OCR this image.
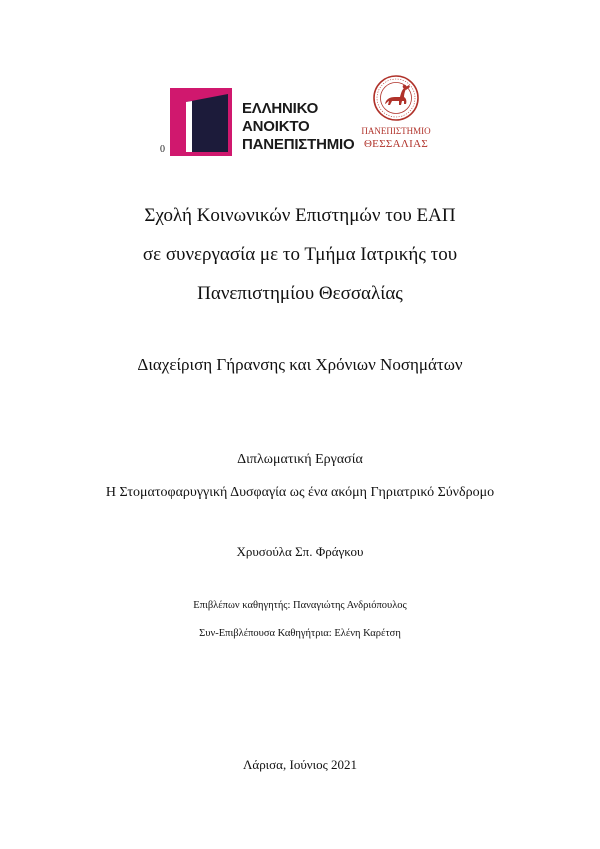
ΕΛΛΗΝΙΚΟ
ΑΝΟΙΚΤΟ
ΠΑΝΕΠΙΣΤΗΜΙΟ
0
ΠΑΝΕΠΙΣΤΗΜΙΟ
ΘΕΣΣΑΛΙΑΣ
Σχολή Κοινωνικών Επιστημών του ΕΑΠ
σε συνεργασία με το Τμήμα Ιατρικής του
Πανεπιστημίου Θεσσαλίας
Διαχείριση Γήρανσης και Χρόνιων Νοσημάτων
Διπλωματική Εργασία
Η Στοματοφαρυγγική Δυσφαγία ως ένα ακόμη Γηριατρικό Σύνδρομο
Χρυσούλα Σπ. Φράγκου
Επιβλέπων καθηγητής: Παναγιώτης Ανδριόπουλος
Συν-Επιβλέπουσα Καθηγήτρια: Ελένη Καρέτση
Λάρισα, Ιούνιος 2021
